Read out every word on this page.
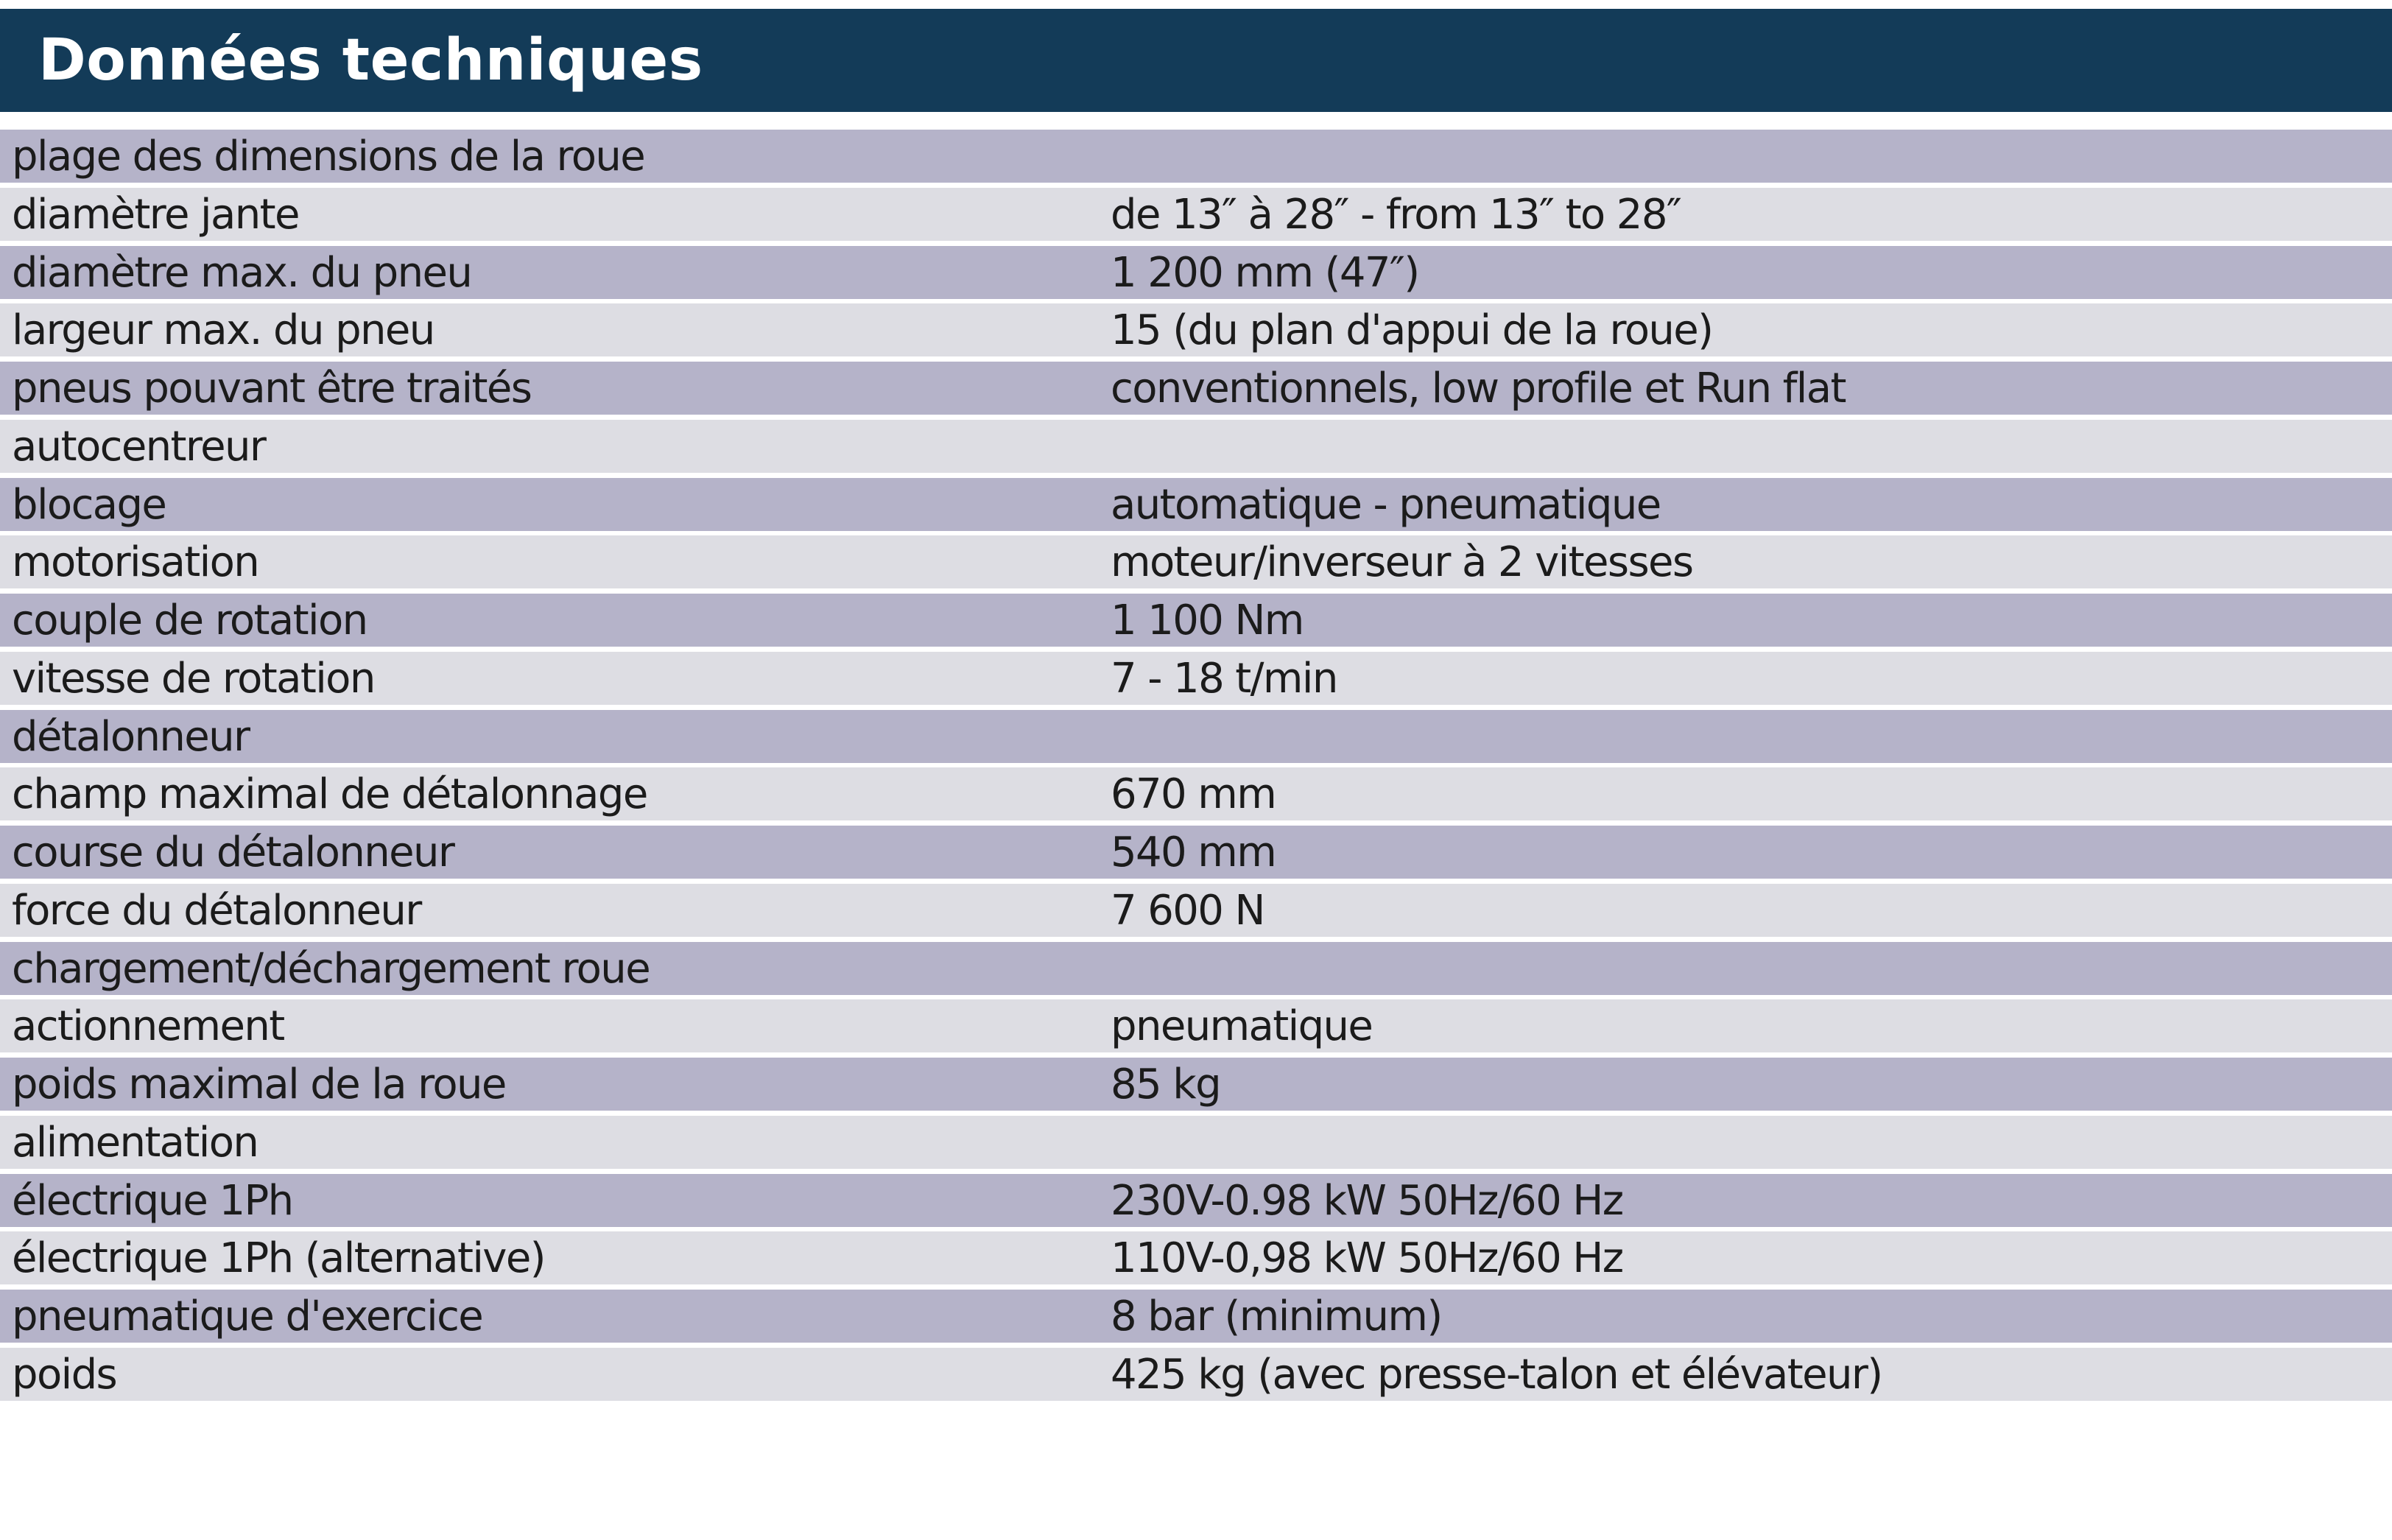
Données techniques
plage des dimensions de la roue
diamètre jante	de 13″ à 28″ - from 13″ to 28″
diamètre max. du pneu	1 200 mm (47″)
largeur max. du pneu	15 (du plan d'appui de la roue)
pneus pouvant être traités	conventionnels, low profile et Run flat
autocentreur
blocage	automatique - pneumatique
motorisation	moteur/inverseur à 2 vitesses
couple de rotation	1 100 Nm
vitesse de rotation	7 - 18 t/min
détalonneur
champ maximal de détalonnage	670 mm
course du détalonneur	540 mm
force du détalonneur	7 600 N
chargement/déchargement roue
actionnement	pneumatique
poids maximal de la roue	85 kg
alimentation
électrique 1Ph	230V-0.98 kW 50Hz/60 Hz
électrique 1Ph (alternative)	110V-0,98 kW 50Hz/60 Hz
pneumatique d'exercice	8 bar (minimum)
poids	425 kg (avec presse-talon et élévateur)
